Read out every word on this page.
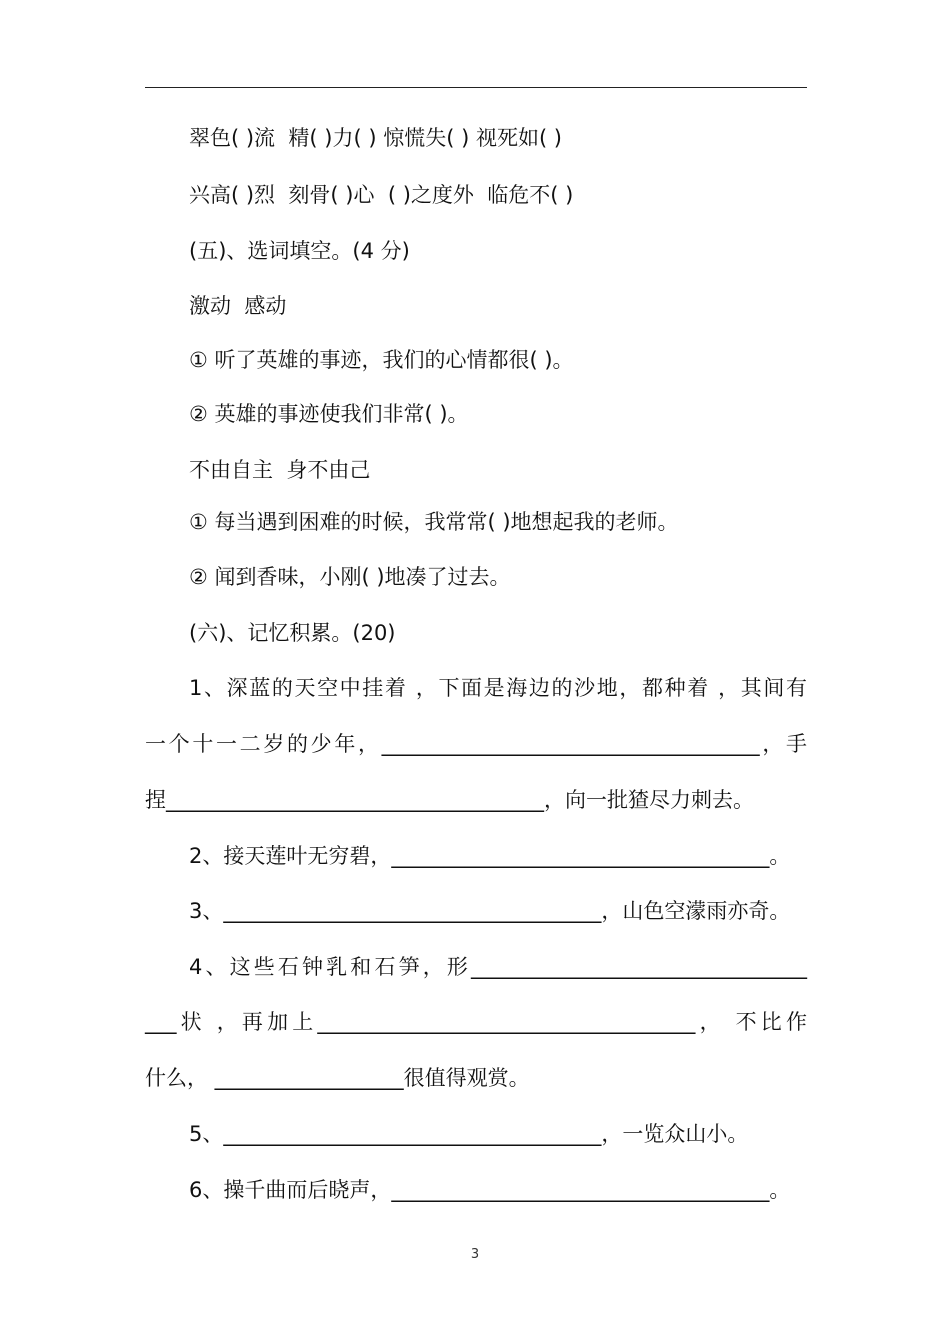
翠色( )流  精( )力( ) 惊慌失( ) 视死如( )
兴高( )烈  刻骨( )心  ( )之度外  临危不( )
(五)、选词填空。(4 分)
激动  感动
① 听了英雄的事迹，我们的心情都很( )。
② 英雄的事迹使我们非常( )。
不由自主  身不由己
① 每当遇到困难的时候，我常常( )地想起我的老师。
② 闻到香味，小刚( )地凑了过去。
(六)、记忆积累。(20)
1、深蓝的天空中挂着 ，下面是海边的沙地，都种着 ，其间有
一个十一二岁的少年，____________________________________，手
捏____________________________________，向一批猹尽力刺去。
2、接天莲叶无穷碧，____________________________________。
3、____________________________________，山色空濛雨亦奇。
4、这些石钟乳和石笋，形________________________________
___状 ，再加上____________________________________， 不比作
什么， __________________很值得观赏。
5、____________________________________，一览众山小。
6、操千曲而后晓声，____________________________________。
3
